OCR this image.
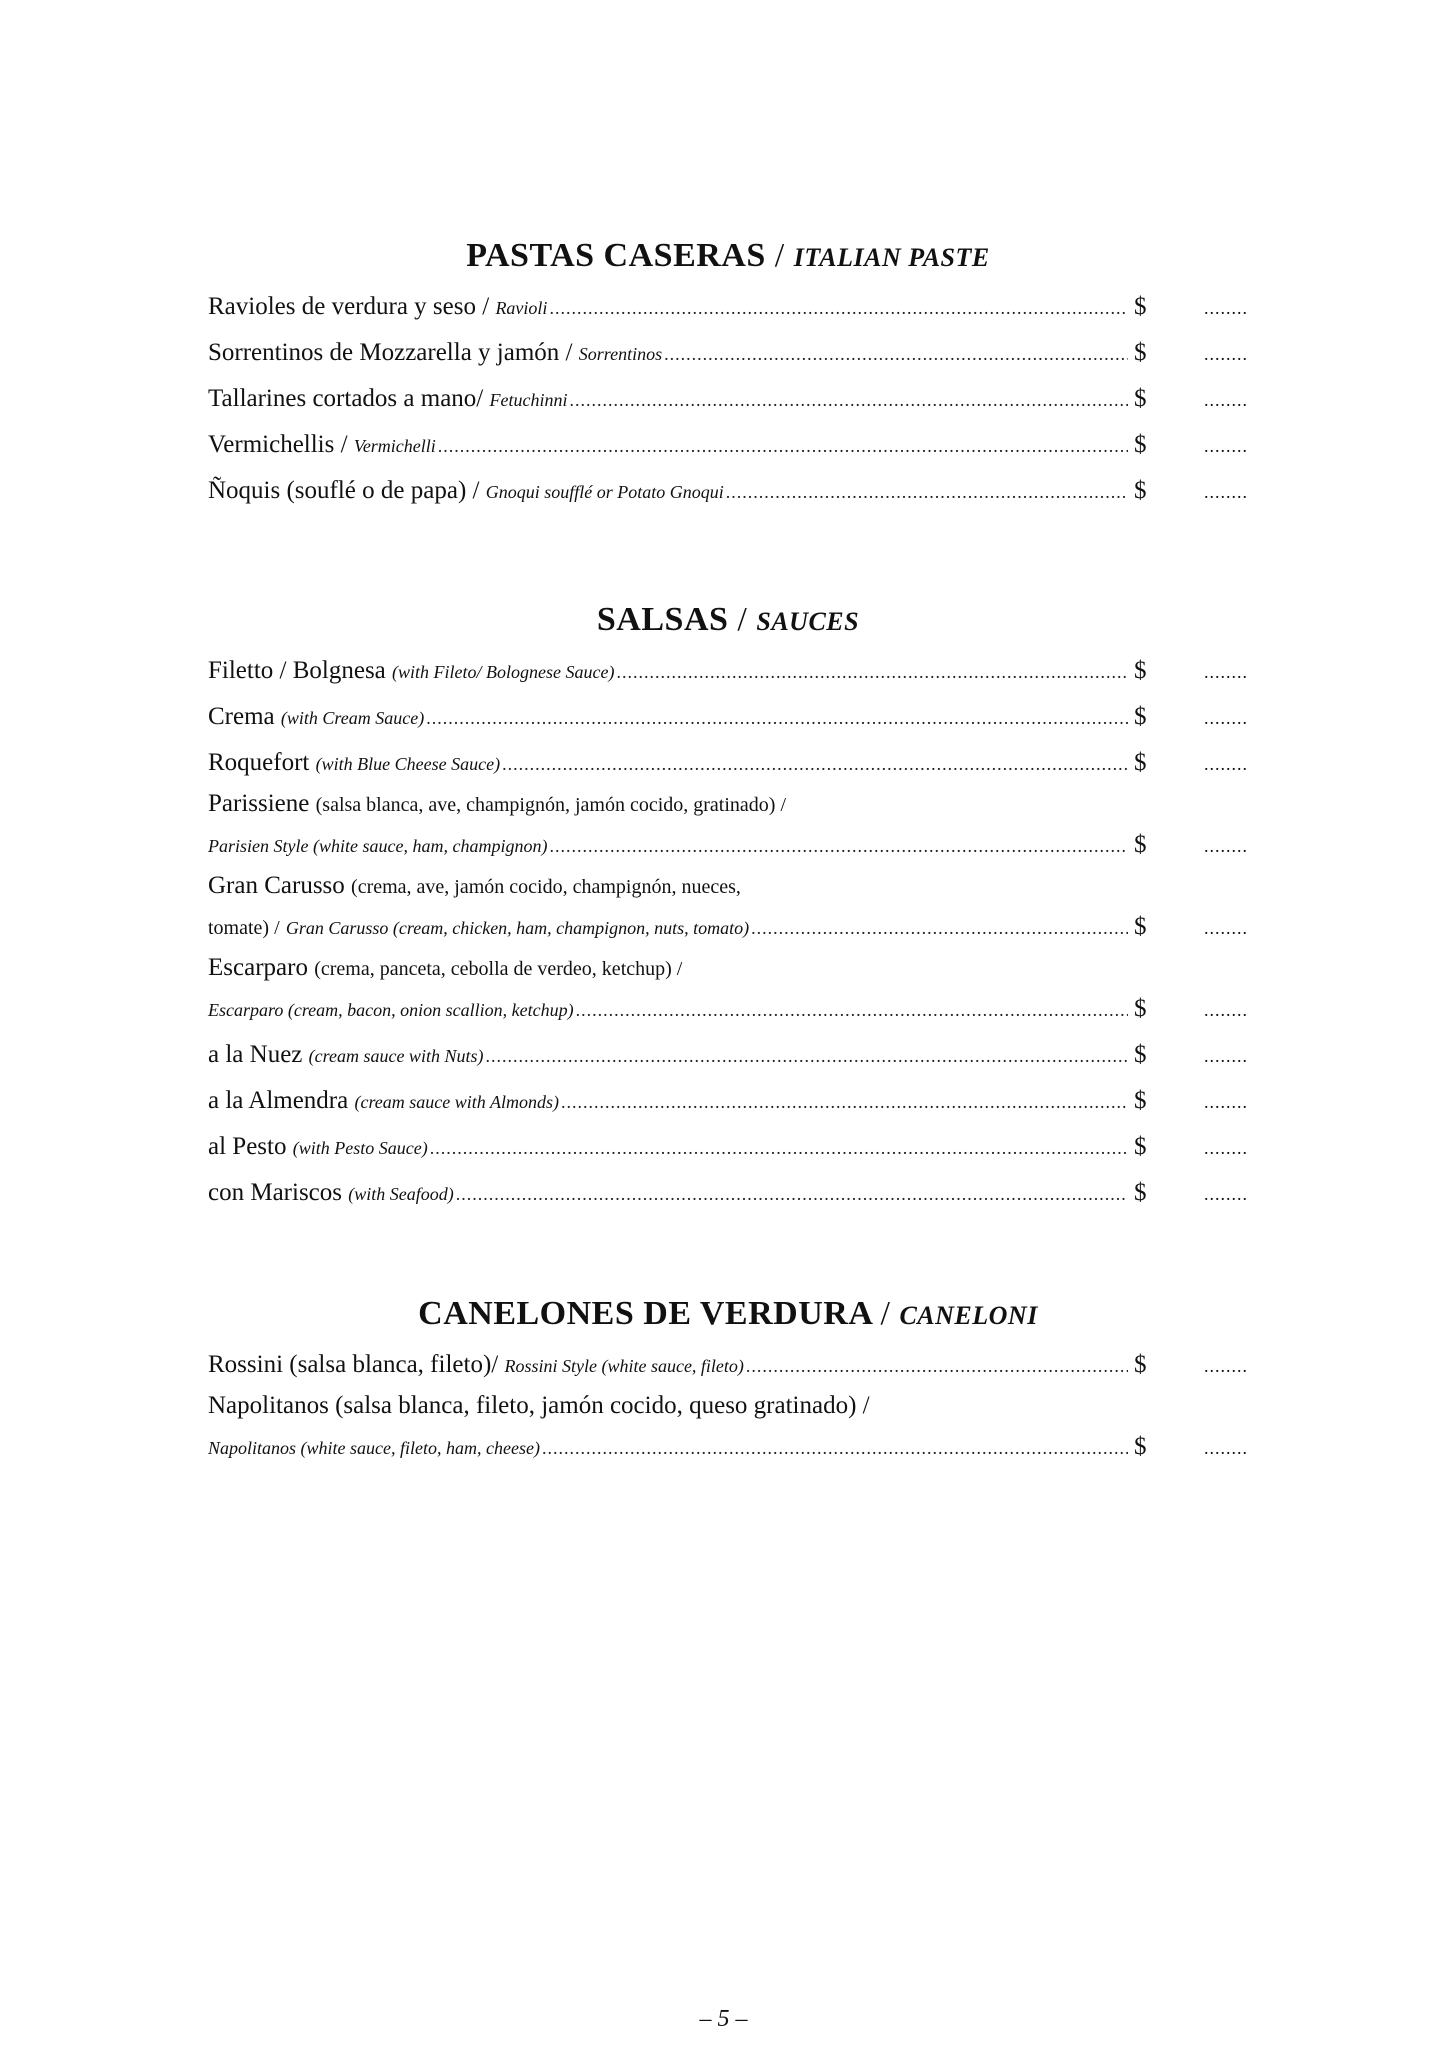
PASTAS CASERAS / ITALIAN PASTE
Ravioles de verdura y seso /
Ravioli .....	$	........
Sorrentinos de Mozzarella y jamón /
Sorrentinos .....	$	........
Tallarines cortados a mano/
Fetuchinni .....	$	........
Vermichellis /
Vermichelli .....	$	........
Ñoquis (souflé o de papa) /
Gnoqui soufflé or Potato Gnoqui .....	$	........
SALSAS / SAUCES
Filetto / Bolgnesa
(with Fileto/ Bolognese Sauce) .....	$	........
Crema
(with Cream Sauce) .....	$	........
Roquefort
(with Blue Cheese Sauce) .....	$	........
Parissiene
(salsa blanca, ave, champignón, jamón cocido, gratinado) /
Parisien Style (white sauce, ham, champignon) .....	$	........
Gran Carusso
(crema, ave, jamón cocido, champignón, nueces,
tomate) /
Gran Carusso (cream, chicken, ham, champignon, nuts, tomato) .....	$	........
Escarparo
(crema, panceta, cebolla de verdeo, ketchup) /
Escarparo (cream, bacon, onion scallion, ketchup) .....	$	........
a la Nuez
(cream sauce with Nuts) .....	$	........
a la Almendra
(cream sauce with Almonds) .....	$	........
al Pesto
(with Pesto Sauce) .....	$	........
con Mariscos
(with Seafood) .....	$	........
CANELONES DE VERDURA / CANELONI
Rossini (salsa blanca, fileto)/
Rossini Style (white sauce, fileto) .....	$	........
Napolitanos (salsa blanca, fileto, jamón cocido, queso gratinado) /
Napolitanos (white sauce, fileto, ham, cheese) .....	$	........
– 5 –
